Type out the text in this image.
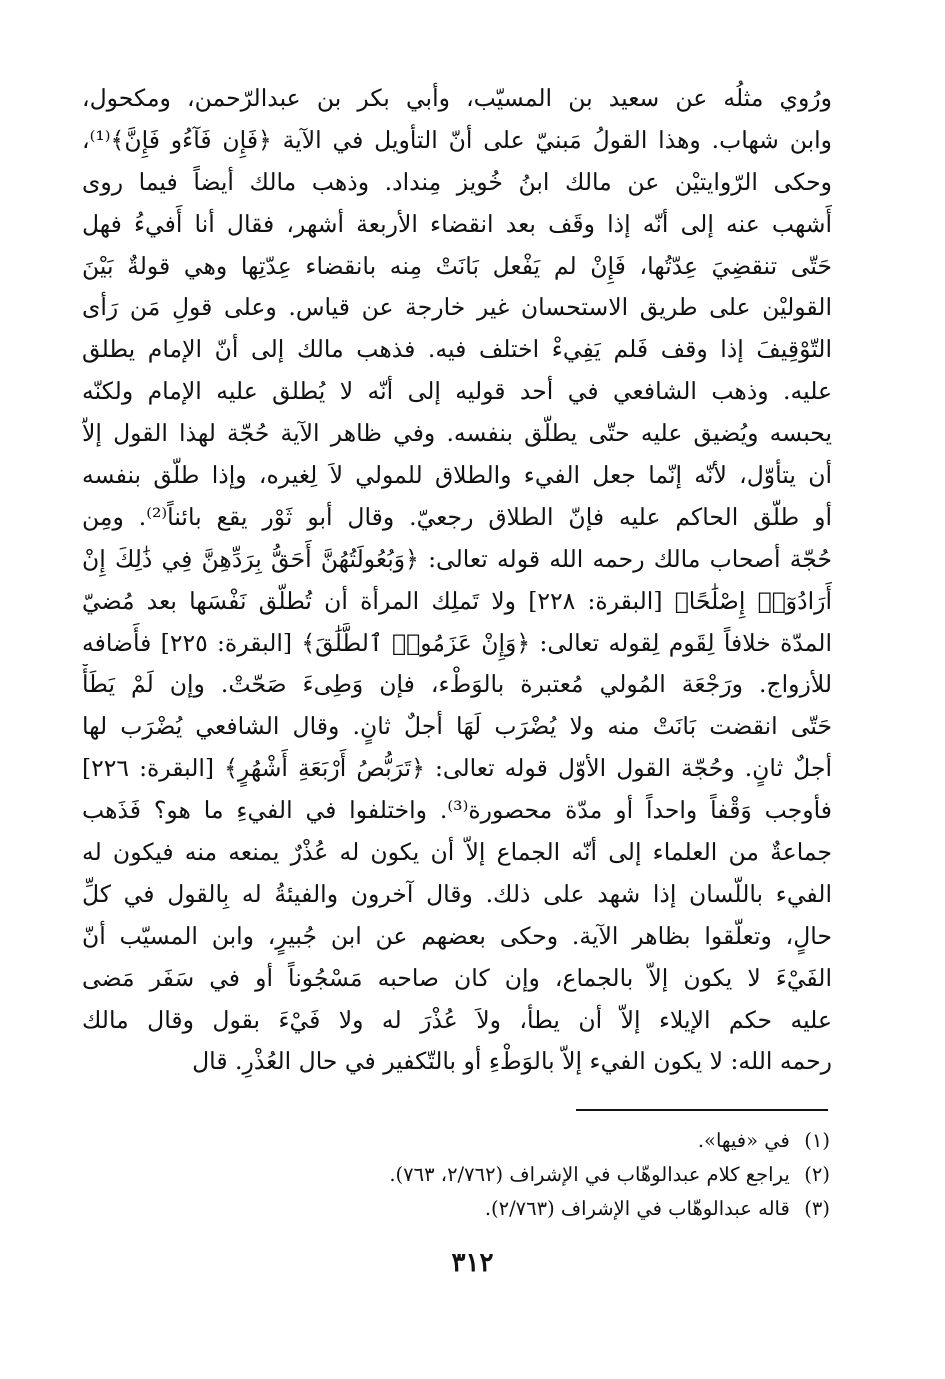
ورُوي مثلُه عن سعيد بن المسيّب، وأبي بكر بن عبدالرّحمن، ومكحول،
وابن شهاب. وهذا القولُ مَبنيّ على أنّ التأويل في الآية ﴿فَإِن فَآءُو فَإِنَّ﴾⁽¹⁾،
وحكى الرّوايتيْن عن مالك ابنُ خُويز مِنداد. وذهب مالك أيضاً فيما روى
أَشهب عنه إلى أنّه إذا وقَف بعد انقضاء الأربعة أشهر، فقال أنا أَفيءُ فهل
حَتّى تنقضِيَ عِدّتُها، فَإِنْ لم يَفْعل بَانَتْ مِنه بانقضاء عِدّتِها وهي قولةٌ بَيْنَ
القوليْن على طريق الاستحسان غير خارجة عن قياس. وعلى قولِ مَن رَأى
التّوْقِيفَ إذا وقف فَلم يَفِيءْ اختلف فيه. فذهب مالك إلى أنّ الإمام يطلق
عليه. وذهب الشافعي في أحد قوليه إلى أنّه لا يُطلق عليه الإمام ولكنّه
يحبسه ويُضيق عليه حتّى يطلّق بنفسه. وفي ظاهر الآية حُجّة لهذا القول إلاّ
أن يتأوّل، لأنّه إنّما جعل الفيء والطلاق للمولي لاَ لِغيره، وإذا طلّق بنفسه
أو طلّق الحاكم عليه فإنّ الطلاق رجعيّ. وقال أبو ثَوْر يقع بائناً⁽²⁾. ومِن
حُجّة أصحاب مالك رحمه الله قوله تعالى: ﴿وَبُعُولَتُهُنَّ أَحَقُّ بِرَدِّهِنَّ فِي ذَٰلِكَ إِنْ
أَرَادُوٓا۟ إِصْلَٰحًا﴾ [البقرة: ٢٢٨] ولا تَملِك المرأة أن تُطلّق نَفْسَها بعد مُضيّ
المدّة خلافاً لِقَوم لِقوله تعالى: ﴿وَإِنْ عَزَمُوا۟ ٱلطَّلَٰقَ﴾ [البقرة: ٢٢٥] فأَضافه
للأزواج. ورَجْعَة المُولي مُعتبرة بالوَطْء، فإن وَطِىءَ صَحّتْ. وإن لَمْ يَطَأْ
حَتّى انقضت بَانَتْ منه ولا يُضْرَب لَهَا أجلٌ ثانٍ. وقال الشافعي يُضْرَب لها
أجلٌ ثانٍ. وحُجّة القول الأوّل قوله تعالى: ﴿تَرَبُّصُ أَرْبَعَةِ أَشْهُرٍ﴾ [البقرة: ٢٢٦]
فأوجب وَقْفاً واحداً أو مدّة محصورة⁽³⁾. واختلفوا في الفيءِ ما هو؟ فَذَهب
جماعةٌ من العلماء إلى أنّه الجماع إلاّ أن يكون له عُذْرٌ يمنعه منه فيكون له
الفيء باللّسان إذا شهد على ذلك. وقال آخرون والفيئةُ له بِالقول في كلِّ
حالٍ، وتعلّقوا بظاهر الآية. وحكى بعضهم عن ابن جُبيرٍ، وابن المسيّب أنّ
الفَيْءَ لا يكون إلاّ بالجماع، وإن كان صاحبه مَسْجُوناً أو في سَفَر مَضى
عليه حكم الإيلاء إلاّ أن يطأ، ولاَ عُذْرَ له ولا فَيْءَ بقول وقال مالك
رحمه الله: لا يكون الفيء إلاّ بالوَطْءِ أو بالتّكفير في حال العُذْرِ. قال
(١) في «فيها».
(٢) يراجع كلام عبدالوهّاب في الإشراف (٢/٧٦٢، ٧٦٣).
(٣) قاله عبدالوهّاب في الإشراف (٢/٧٦٣).
٣١٢
